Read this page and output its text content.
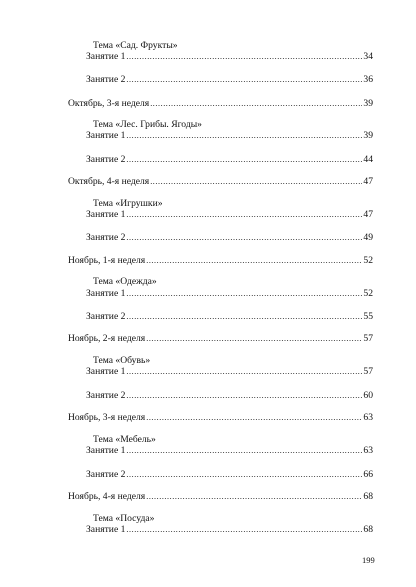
Тема «Сад. Фрукты»
Занятие 1 .....	34
Занятие 2 .....	36
Октябрь, 3-я неделя .....	39
Тема «Лес. Грибы. Ягоды»
Занятие 1 .....	39
Занятие 2 .....	44
Октябрь, 4-я неделя .....	47
Тема «Игрушки»
Занятие 1 .....	47
Занятие 2 .....	49
Ноябрь, 1-я неделя .....	52
Тема «Одежда»
Занятие 1 .....	52
Занятие 2 .....	55
Ноябрь, 2-я неделя .....	57
Тема «Обувь»
Занятие 1 .....	57
Занятие 2 .....	60
Ноябрь, 3-я неделя .....	63
Тема «Мебель»
Занятие 1 .....	63
Занятие 2 .....	66
Ноябрь, 4-я неделя .....	68
Тема «Посуда»
Занятие 1 .....	68
199
